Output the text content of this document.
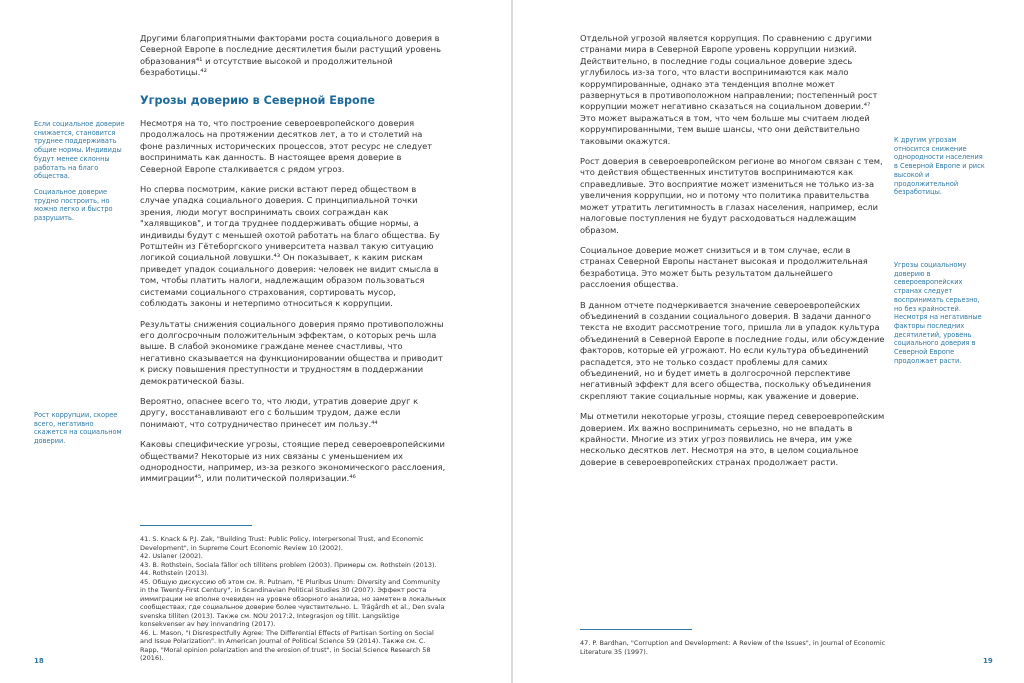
Другими благоприятными факторами роста социального доверия в Северной Европе в последние десятилетия были растущий уровень образования⁴¹ и отсутствие высокой и продолжительной безработицы.⁴²

Угрозы доверию в Северной Европе

Несмотря на то, что построение североевропейского доверия продолжалось на протяжении десятков лет, а то и столетий на фоне различных исторических процессов, этот ресурс не следует воспринимать как данность. В настоящее время доверие в Северной Европе сталкивается с рядом угроз.

Но сперва посмотрим, какие риски встают перед обществом в случае упадка социального доверия. С принципиальной точки зрения, люди могут воспринимать своих сограждан как "халявщиков", и тогда труднее поддерживать общие нормы, а индивиды будут с меньшей охотой работать на благо общества. Бу Ротштейн из Гётеборгского университета назвал такую ситуацию логикой социальной ловушки.⁴³ Он показывает, к каким рискам приведет упадок социального доверия: человек не видит смысла в том, чтобы платить налоги, надлежащим образом пользоваться системами социального страхования, сортировать мусор, соблюдать законы и нетерпимо относиться к коррупции.

Результаты снижения социального доверия прямо противоположны его долгосрочным положительным эффектам, о которых речь шла выше. В слабой экономике граждане менее счастливы, что негативно сказывается на функционировании общества и приводит к риску повышения преступности и трудностям в поддержании демократической базы.

Вероятно, опаснее всего то, что люди, утратив доверие друг к другу, восстанавливают его с большим трудом, даже если понимают, что сотрудничество принесет им пользу.⁴⁴

Каковы специфические угрозы, стоящие перед североевропейскими обществами? Некоторые из них связаны с уменьшением их однородности, например, из-за резкого экономического расслоения, иммиграции⁴⁵, или политической поляризации.⁴⁶

Если социальное доверие снижается, становится труднее поддерживать общие нормы. Индивиды будут менее склонны работать на благо общества.

Социальное доверие трудно построить, но можно легко и быстро разрушить.

Рост коррупции, скорее всего, негативно скажется на социальном доверии.

41. S. Knack & P.J. Zak, "Building Trust: Public Policy, Interpersonal Trust, and Economic Development", in Supreme Court Economic Review 10 (2002).
42. Uslaner (2002).
43. B. Rothstein, Sociala fällor och tillitens problem (2003). Примеры см. Rothstein (2013).
44. Rothstein (2013).
45. Общую дискуссию об этом см. R. Putnam, "E Pluribus Unum: Diversity and Community in the Twenty-First Century", in Scandinavian Political Studies 30 (2007). Эффект роста иммиграции не вполне очевиден на уровне обзорного анализа, но заметен в локальных сообществах, где социальное доверие более чувствительно. L. Trägårdh et al., Den svala svenska tilliten (2013). Также см. NOU 2017:2, Integrasjon og tillit. Langsiktige konsekvenser av høy innvandring (2017).
46. L. Mason, "I Disrespectfully Agree: The Differential Effects of Partisan Sorting on Social and Issue Polarization". In American Journal of Political Science 59 (2014). Также см. C. Rapp, "Moral opinion polarization and the erosion of trust", in Social Science Research 58 (2016).
18

Отдельной угрозой является коррупция. По сравнению с другими странами мира в Северной Европе уровень коррупции низкий. Действительно, в последние годы социальное доверие здесь углубилось из-за того, что власти воспринимаются как мало коррумпированные, однако эта тенденция вполне может развернуться в противоположном направлении; постепенный рост коррупции может негативно сказаться на социальном доверии.⁴⁷ Это может выражаться в том, что чем больше мы считаем людей коррумпированными, тем выше шансы, что они действительно таковыми окажутся.

Рост доверия в североевропейском регионе во многом связан с тем, что действия общественных институтов воспринимаются как справедливые. Это восприятие может измениться не только из-за увеличения коррупции, но и потому что политика правительства может утратить легитимность в глазах населения, например, если налоговые поступления не будут расходоваться надлежащим образом.

Социальное доверие может снизиться и в том случае, если в странах Северной Европы настанет высокая и продолжительная безработица. Это может быть результатом дальнейшего расслоения общества.

В данном отчете подчеркивается значение североевропейских объединений в создании социального доверия. В задачи данного текста не входит рассмотрение того, пришла ли в упадок культура объединений в Северной Европе в последние годы, или обсуждение факторов, которые ей угрожают. Но если культура объединений распадется, это не только создаст проблемы для самих объединений, но и будет иметь в долгосрочной перспективе негативный эффект для всего общества, поскольку объединения скрепляют такие социальные нормы, как уважение и доверие.

Мы отметили некоторые угрозы, стоящие перед североевропейским доверием. Их важно воспринимать серьезно, но не впадать в крайности. Многие из этих угроз появились не вчера, им уже несколько десятков лет. Несмотря на это, в целом социальное доверие в североевропейских странах продолжает расти.

К другим угрозам относится снижение однородности населения в Северной Европе и риск высокой и продолжительной безработицы.

Угрозы социальному доверию в североевропейских странах следует воспринимать серьезно, но без крайностей. Несмотря на негативные факторы последних десятилетий, уровень социального доверия в Северной Европе продолжает расти.

47. P. Bardhan, "Corruption and Development: A Review of the Issues", in Journal of Economic Literature 35 (1997).
19
